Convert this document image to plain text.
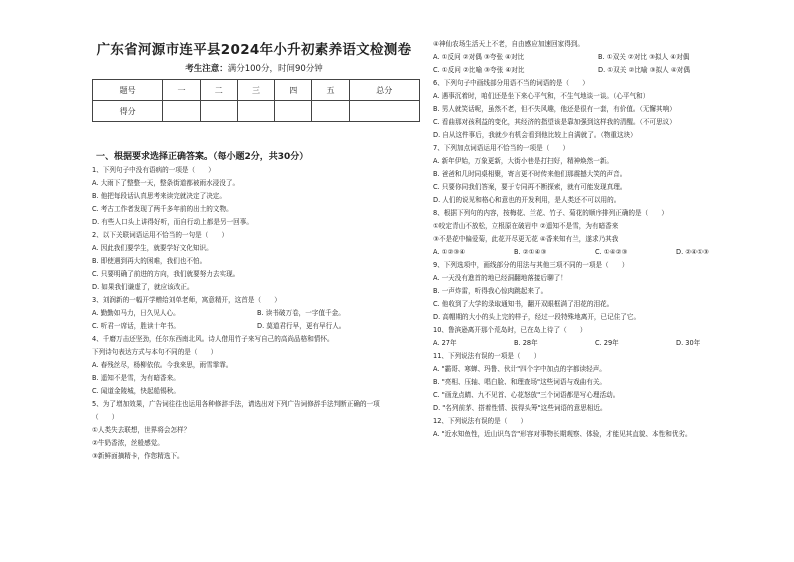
广东省河源市连平县2024年小升初素养语文检测卷
考生注意：满分100分，时间90分钟
题号	一	二	三	四	五	总分
得分						
一、根据要求选择正确答案。（每小题2分，共30分）
1、下列句子中没有语病的一项是（　　）
A. 大雨下了整整一天，整条街道都被雨水浸没了。
B. 他把每段话认真思考来读完就决定了决定。
C. 考古工作者发现了两千多年前的出土的文物。
D. 有些人口头上讲得好听，而自行动上都是另一回事。
2、以下关联词语运用不恰当的一句是（　　）
A. 因此我们要学生，就要学好文化知识。
B. 即使遇到再大的困难，我们也不怕。
C. 只要明确了前进的方向，我们就要努力去实现。
D. 如果我们谦虚了，就应该改正。
3、刘润新的一幅开学赠给刘单老师，寓意精开，这首是（　　）
A. 勤勤如马力，日久见人心。	B. 读书破万卷，一字值千金。
C. 听君一席话，胜读十年书。	D. 莫道君行早，更有早行人。
4、千磨万击还坚劲，任尔东西南北风。诗人借用竹子来写自己的高尚品格和情怀。
下列诗句表达方式与本句不同的是（　　）
A. 春残丝尽，杨柳依依。今我来思，雨雪霏霏。
B. 遥知不是雪，为有暗香来。
C. 闻道金陵城，快起船锡秋。
5、为了增加效果，广告词往往也运用各种修辞手法，请选出对下列广告词修辞手法判断正确的一项
（　　）
①人类失去联想，世界将会怎样？
②牛奶香浓，丝般感觉。
③新鲜面摘精卡，作您精选下。
④神仙农场生活天上不老，自由感应加速回家得到。
A. ①反问 ②对偶 ③夸张 ④对比	B. ①双关 ②对比 ③拟人 ④对偶
C. ①反问 ②比喻 ③夸张 ④对比	D. ①双关 ②比喻 ③拟人 ④对偶
6、下列句子中画线部分用语不当的词语的是（　　）
A. 遇事沉着时，咱们还是坐下来心平气和，不生气地谈一谈。（心平气和）
B. 男人就笑话呢，虽然不老，但不失风趣，他还是很有一套，有价值。（无懈其响）
C. 看曲那对孩利益的变化，其经济的指望该是靠加强到这样我的清醒。（不可思议）
D. 自从这件事后，我就少有机会看到他比较上自满就了。（物重这块）
7、下列加点词语运用不恰当的一项是（　　）
A. 新年伊始，万象更新，大街小巷是打扫好，精神焕然一新。
B. 爸爸和几时同桌相聚，寄言更不时传来他们那震撼大笑的声音。
C. 只要你同我们答案，要于专同再不断探索，就有可能发现真理。
D. 人们的说见和格心和意也的开发利用，是人类还不可以用的。
8、根据下列句的内容，按梅花、兰花、竹子、菊花的顺序排列正确的是（　　）
①咬定青山不放松，立根原在破岩中 ②遥知不是雪，为有暗香来
③不是花中偏爱菊，此花开尽更无花 ④香来知有兰，遂求乃其我
A. ①②③④	B. ②①④③	C. ①④②③	D. ②④①③
9、下列选项中，画线部分的用法与其他三项不同的一项是（　　）
A. 一天没有進首的地已经洞翻地落接后聊了！
B. 一声炸雷，听得我心惊肉跳起来了。
C. 他收到了大学的录取通知书，翻开双眼框满了泪花的泪花。
D. 高帽期的大小的头上完的样子，经过一段特殊地离开，已记住了它。
10、鲁滨逊离开那个荒岛时，已在岛上待了（　　）
A. 27年	B. 28年	C. 29年	D. 30年
11、下列说法有误的一项是（　　）
A. "霸哥、寒蝉、玛鲁、伙计"四个字中加点的字都读轻声。
B. "亮相、压轴、唱白脸、和理查场"这些词语与戏曲有关。
C. "画龙点睛、九不见首、心花怒放"三个词语都是写心理活动。
D. "名列前茅、搭着性情、拔得头筹"这些词语的意思相近。
12、下列说法有误的是（　　）
A. "近水知鱼性，近山识鸟音"形容对事物长期观察、体验，才能见其直貌、本性和优劣。
